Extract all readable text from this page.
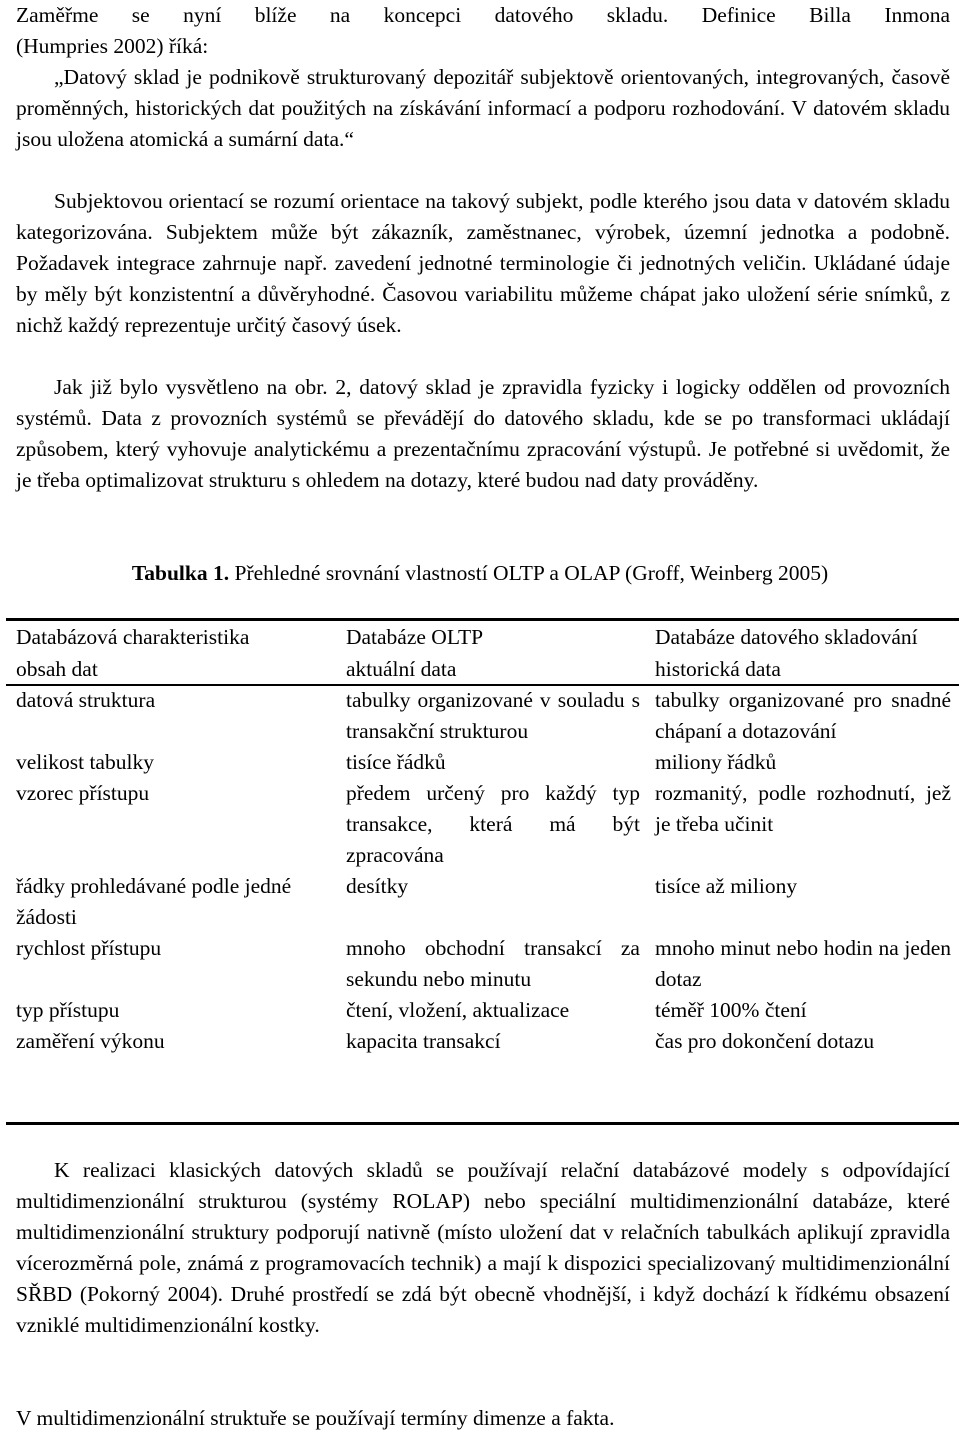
Zaměřme se nyní blíže na koncepci datového skladu. Definice Billa Inmona
(Humpries 2002) říká:

„Datový sklad je podnikově strukturovaný depozitář subjektově orientovaných, integrovaných, časově proměnných, historických dat použitých na získávání informací a podporu rozhodování. V datovém skladu jsou uložena atomická a sumární data.“

Subjektovou orientací se rozumí orientace na takový subjekt, podle kterého jsou data v datovém skladu kategorizována. Subjektem může být zákazník, zaměstnanec, výrobek, územní jednotka a podobně. Požadavek integrace zahrnuje např. zavedení jednotné terminologie či jednotných veličin. Ukládané údaje by měly být konzistentní a důvěryhodné. Časovou variabilitu můžeme chápat jako uložení série snímků, z nichž každý reprezentuje určitý časový úsek.

Jak již bylo vysvětleno na obr. 2, datový sklad je zpravidla fyzicky i logicky oddělen od provozních systémů. Data z provozních systémů se převádějí do datového skladu, kde se po transformaci ukládají způsobem, který vyhovuje analytickému a prezentačnímu zpracování výstupů. Je potřebné si uvědomit, že je třeba optimalizovat strukturu s ohledem na dotazy, které budou nad daty prováděny.

Tabulka 1. Přehledné srovnání vlastností OLTP a OLAP (Groff, Weinberg 2005)
Databázová charakteristika	Databáze OLTP	Databáze datového skladování
obsah dat	aktuální data	historická data
datová struktura	tabulky organizované v souladu s transakční strukturou	tabulky organizované pro snadné chápaní a dotazování
velikost tabulky	tisíce řádků	miliony řádků
vzorec přístupu	předem určený pro každý typ transakce, která má být zpracována	rozmanitý, podle rozhodnutí, jež je třeba učinit
řádky prohledávané podle jedné žádosti	desítky	tisíce až miliony
rychlost přístupu	mnoho obchodní transakcí za sekundu nebo minutu	mnoho minut nebo hodin na jeden dotaz
typ přístupu	čtení, vložení, aktualizace	téměř 100% čtení
zaměření výkonu	kapacita transakcí	čas pro dokončení dotazu

K realizaci klasických datových skladů se používají relační databázové modely s odpovídající multidimenzionální strukturou (systémy ROLAP) nebo speciální multidimenzionální databáze, které multidimenzionální struktury podporují nativně (místo uložení dat v relačních tabulkách aplikují zpravidla vícerozměrná pole, známá z programovacích technik) a mají k dispozici specializovaný multidimenzionální SŘBD (Pokorný 2004). Druhé prostředí se zdá být obecně vhodnější, i když dochází k řídkému obsazení vzniklé multidimenzionální kostky.

V multidimenzionální struktuře se používají termíny dimenze a fakta.
